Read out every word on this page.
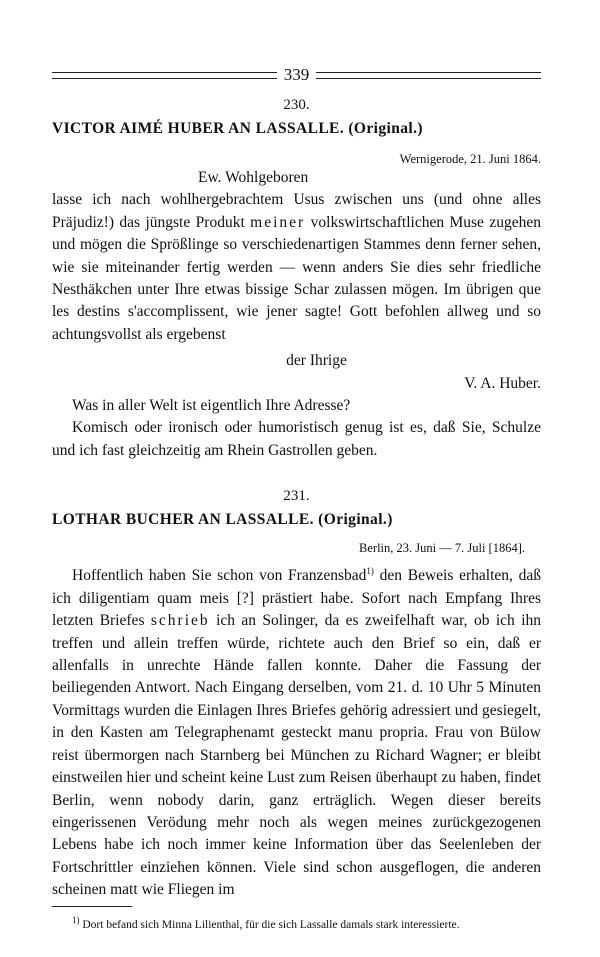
339
230.
VICTOR AIMÉ HUBER AN LASSALLE. (Original.)
Wernigerode, 21. Juni 1864.

Ew. Wohlgeboren

lasse ich nach wohlhergebrachtem Usus zwischen uns (und ohne alles Präjudiz!) das jüngste Produkt meiner volkswirtschaftlichen Muse zugehen und mögen die Sprößlinge so verschiedenartigen Stammes denn ferner sehen, wie sie miteinander fertig werden — wenn anders Sie dies sehr friedliche Nesthäkchen unter Ihre etwas bissige Schar zulassen mögen. Im übrigen que les destins s'accomplissent, wie jener sagte! Gott befohlen allweg und so achtungsvollst als ergebenst

der Ihrige

V. A. Huber.

Was in aller Welt ist eigentlich Ihre Adresse?

Komisch oder ironisch oder humoristisch genug ist es, daß Sie, Schulze und ich fast gleichzeitig am Rhein Gastrollen geben.

231.
LOTHAR BUCHER AN LASSALLE. (Original.)
Berlin, 23. Juni — 7. Juli [1864].

Hoffentlich haben Sie schon von Franzensbad$^{1)}$ den Beweis erhalten, daß ich diligentiam quam meis [?] prästiert habe. Sofort nach Empfang Ihres letzten Briefes schrieb ich an Solinger, da es zweifelhaft war, ob ich ihn treffen und allein treffen würde, richtete auch den Brief so ein, daß er allenfalls in unrechte Hände fallen konnte. Daher die Fassung der beiliegenden Antwort. Nach Eingang derselben, vom 21. d. 10 Uhr 5 Minuten Vormittags wurden die Einlagen Ihres Briefes gehörig adressiert und gesiegelt, in den Kasten am Telegraphenamt gesteckt manu propria. Frau von Bülow reist übermorgen nach Starnberg bei München zu Richard Wagner; er bleibt einstweilen hier und scheint keine Lust zum Reisen überhaupt zu haben, findet Berlin, wenn nobody darin, ganz erträglich. Wegen dieser bereits eingerissenen Verödung mehr noch als wegen meines zurückgezogenen Lebens habe ich noch immer keine Information über das Seelenleben der Fortschrittler einziehen können. Viele sind schon ausgeflogen, die anderen scheinen matt wie Fliegen im

$^{1)}$ Dort befand sich Minna Lilienthal, für die sich Lassalle damals stark interessierte.
